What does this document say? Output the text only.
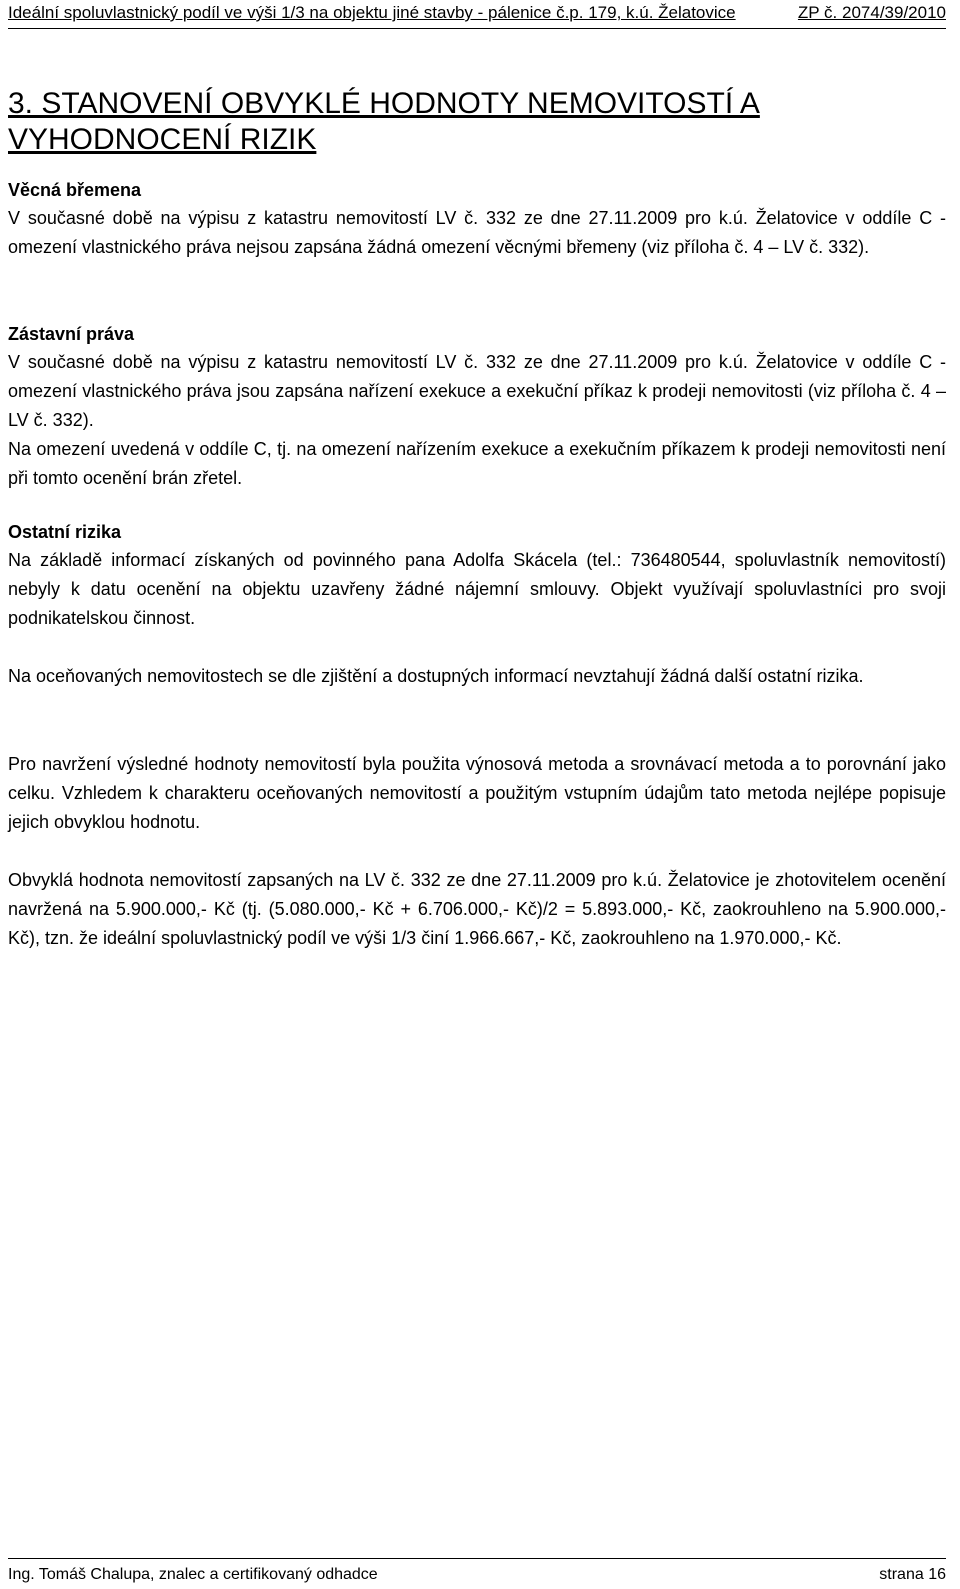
Ideální spoluvlastnický podíl ve výši 1/3 na objektu jiné stavby - pálenice č.p. 179, k.ú. Želatovice	ZP č. 2074/39/2010
3. STANOVENÍ OBVYKLÉ HODNOTY NEMOVITOSTÍ A VYHODNOCENÍ RIZIK

Věcná břemena

V současné době na výpisu z katastru nemovitostí LV č. 332 ze dne 27.11.2009 pro k.ú. Želatovice v oddíle C - omezení vlastnického práva nejsou zapsána žádná omezení věcnými břemeny (viz příloha č. 4 – LV č. 332).

Zástavní práva

V současné době na výpisu z katastru nemovitostí LV č. 332 ze dne 27.11.2009 pro k.ú. Želatovice v oddíle C - omezení vlastnického práva jsou zapsána nařízení exekuce a exekuční příkaz k prodeji nemovitosti (viz příloha č. 4 – LV č. 332).

Na omezení uvedená v oddíle C, tj. na omezení nařízením exekuce a exekučním příkazem k prodeji nemovitosti není při tomto ocenění brán zřetel.

Ostatní rizika

Na základě informací získaných od povinného pana Adolfa Skácela (tel.: 736480544, spoluvlastník nemovitostí) nebyly k datu ocenění na objektu uzavřeny žádné nájemní smlouvy. Objekt využívají spoluvlastníci pro svoji podnikatelskou činnost.

Na oceňovaných nemovitostech se dle zjištění a dostupných informací nevztahují žádná další ostatní rizika.

Pro navržení výsledné hodnoty nemovitostí byla použita výnosová metoda a srovnávací metoda a to porovnání jako celku. Vzhledem k charakteru oceňovaných nemovitostí a použitým vstupním údajům tato metoda nejlépe popisuje jejich obvyklou hodnotu.

Obvyklá hodnota nemovitostí zapsaných na LV č. 332 ze dne 27.11.2009 pro k.ú. Želatovice je zhotovitelem ocenění navržená na 5.900.000,- Kč (tj. (5.080.000,- Kč + 6.706.000,- Kč)/2 = 5.893.000,- Kč, zaokrouhleno na 5.900.000,- Kč), tzn. že ideální spoluvlastnický podíl ve výši 1/3 činí 1.966.667,- Kč, zaokrouhleno na 1.970.000,- Kč.

Ing. Tomáš Chalupa, znalec a certifikovaný odhadce	strana 16
